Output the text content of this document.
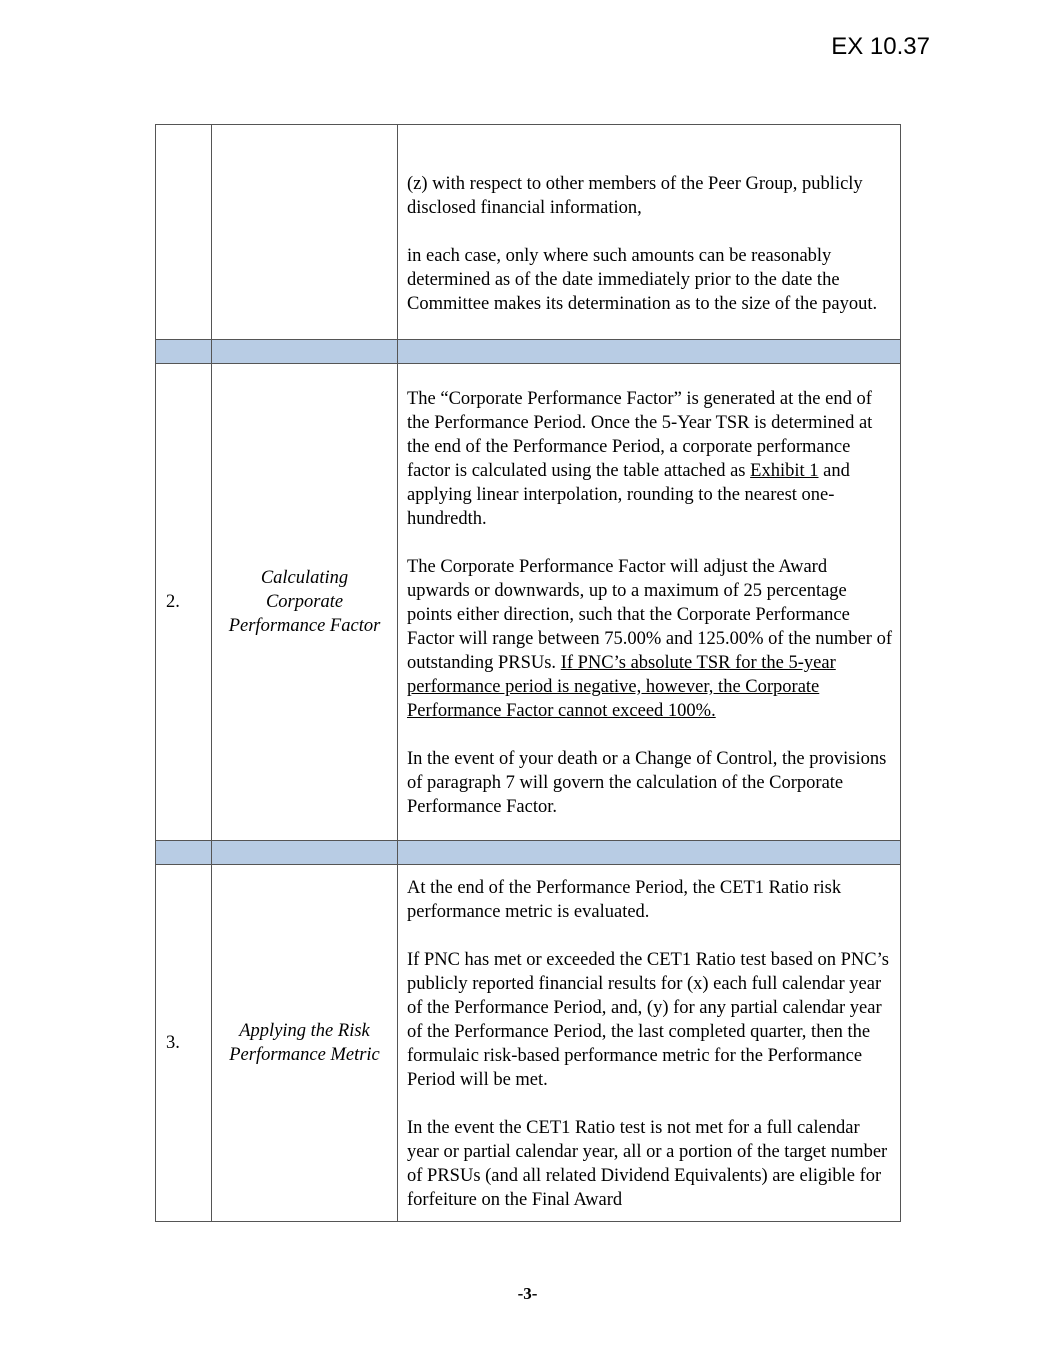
EX 10.37

		(z) with respect to other members of the Peer Group, publicly disclosed financial information,

in each case, only where such amounts can be reasonably determined as of the date immediately prior to the date the Committee makes its determination as to the size of the payout.

2.	Calculating Corporate Performance Factor	The “Corporate Performance Factor” is generated at the end of the Performance Period. Once the 5-Year TSR is determined at the end of the Performance Period, a corporate performance factor is calculated using the table attached as Exhibit 1 and applying linear interpolation, rounding to the nearest one-hundredth.

The Corporate Performance Factor will adjust the Award upwards or downwards, up to a maximum of 25 percentage points either direction, such that the Corporate Performance Factor will range between 75.00% and 125.00% of the number of outstanding PRSUs. If PNC’s absolute TSR for the 5-year performance period is negative, however, the Corporate Performance Factor cannot exceed 100%.

In the event of your death or a Change of Control, the provisions of paragraph 7 will govern the calculation of the Corporate Performance Factor.

3.	Applying the Risk Performance Metric	At the end of the Performance Period, the CET1 Ratio risk performance metric is evaluated.

If PNC has met or exceeded the CET1 Ratio test based on PNC’s publicly reported financial results for (x) each full calendar year of the Performance Period, and, (y) for any partial calendar year of the Performance Period, the last completed quarter, then the formulaic risk-based performance metric for the Performance Period will be met.

In the event the CET1 Ratio test is not met for a full calendar year or partial calendar year, all or a portion of the target number of PRSUs (and all related Dividend Equivalents) are eligible for forfeiture on the Final Award

-3-
